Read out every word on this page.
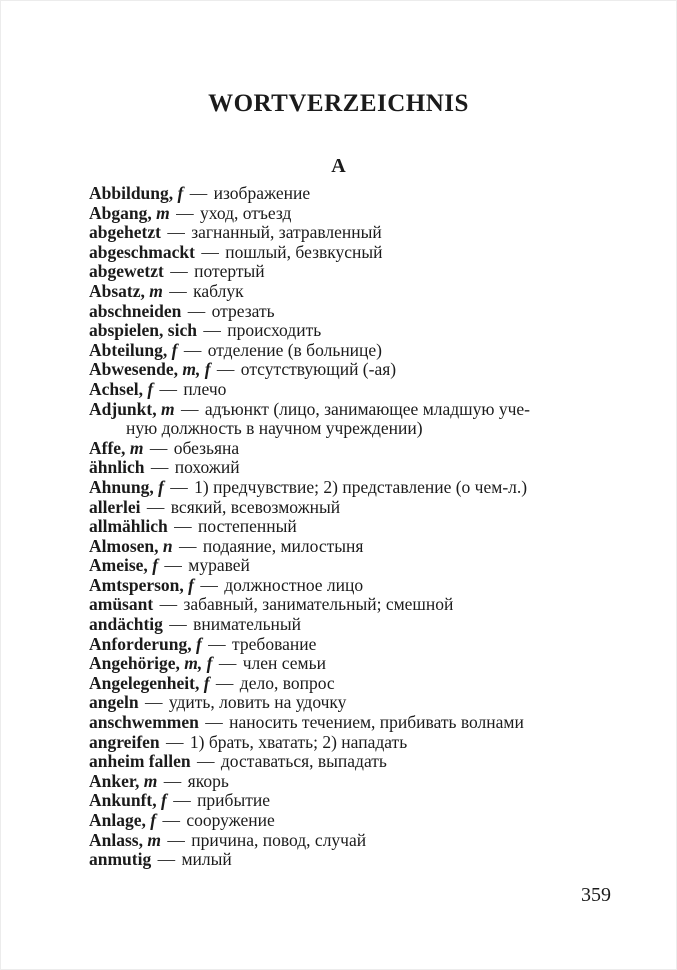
WORTVERZEICHNIS
A
Abbildung, f — изображение
Abgang, m — уход, отъезд
abgehetzt — загнанный, затравленный
abgeschmackt — пошлый, безвкусный
abgewetzt — потертый
Absatz, m — каблук
abschneiden — отрезать
abspielen, sich — происходить
Abteilung, f — отделение (в больнице)
Abwesende, m, f — отсутствующий (-ая)
Achsel, f — плечо
Adjunkt, m — адъюнкт (лицо, занимающее младшую уче-
ную должность в научном учреждении)
Affe, m — обезьяна
ähnlich — похожий
Ahnung, f — 1) предчувствие; 2) представление (о чем-л.)
allerlei — всякий, всевозможный
allmählich — постепенный
Almosen, n — подаяние, милостыня
Ameise, f — муравей
Amtsperson, f — должностное лицо
amüsant — забавный, занимательный; смешной
andächtig — внимательный
Anforderung, f — требование
Angehörige, m, f — член семьи
Angelegenheit, f — дело, вопрос
angeln — удить, ловить на удочку
anschwemmen — наносить течением, прибивать волнами
angreifen — 1) брать, хватать; 2) нападать
anheim fallen — доставаться, выпадать
Anker, m — якорь
Ankunft, f — прибытие
Anlage, f — сооружение
Anlass, m — причина, повод, случай
anmutig — милый
359
